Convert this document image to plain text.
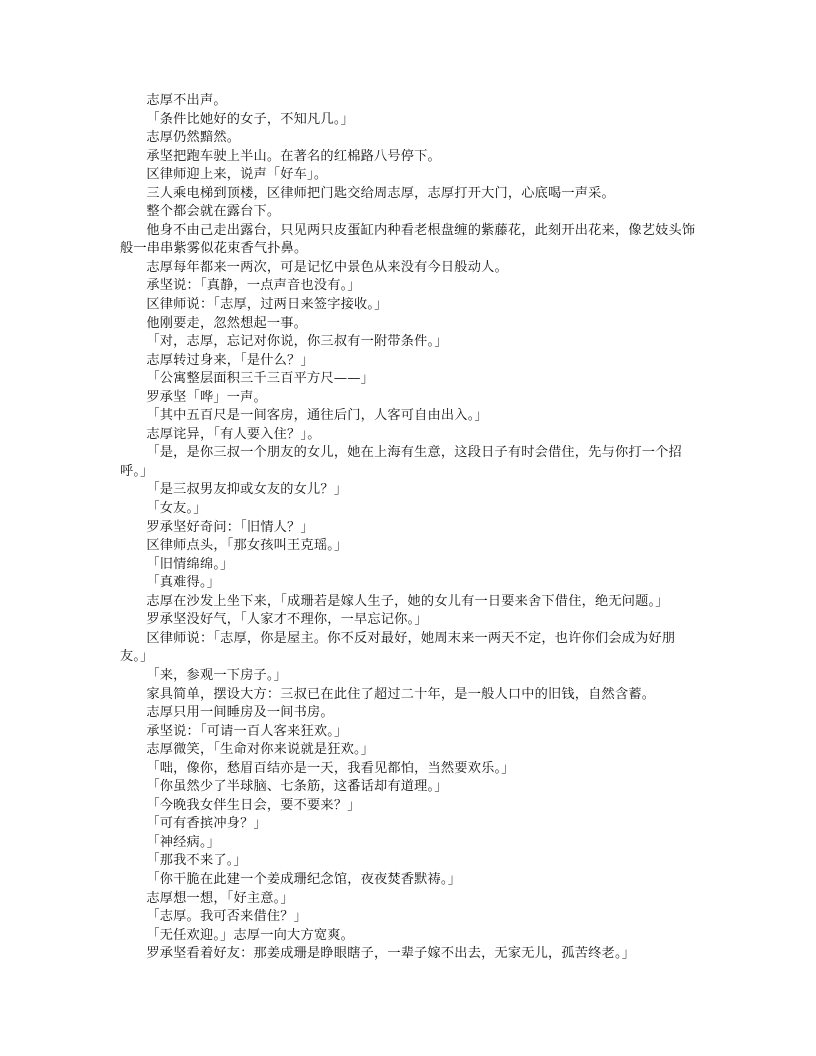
志厚不出声。

「条件比她好的女子，不知凡几。」

志厚仍然黯然。

承坚把跑车驶上半山。在著名的红棉路八号停下。

区律师迎上来，说声「好车」。

三人乘电梯到顶楼，区律师把门匙交给周志厚，志厚打开大门，心底喝一声采。

整个都会就在露台下。

他身不由己走出露台，只见两只皮蛋缸内种看老根盘缠的紫藤花，此刻开出花来，像艺妓头饰般一串串紫雾似花束香气扑鼻。

志厚每年都来一两次，可是记忆中景色从来没有今日般动人。

承坚说：「真静，一点声音也没有。」

区律师说：「志厚，过两日来签字接收。」

他刚要走，忽然想起一事。

「对，志厚，忘记对你说，你三叔有一附带条件。」

志厚转过身来，「是什么？」

「公寓整层面积三千三百平方尺——」

罗承坚「哗」一声。

「其中五百尺是一间客房，通往后门，人客可自由出入。」

志厚诧异，「有人要入住？」。

「是，是你三叔一个朋友的女儿，她在上海有生意，这段日子有时会借住，先与你打一个招呼。」

「是三叔男友抑或女友的女儿？」

「女友。」

罗承坚好奇问：「旧情人？」

区律师点头，「那女孩叫王克瑶。」

「旧情绵绵。」

「真难得。」

志厚在沙发上坐下来，「成珊若是嫁人生子，她的女儿有一日要来舍下借住，绝无问题。」

罗承坚没好气，「人家才不理你，一早忘记你。」

区律师说：「志厚，你是屋主。你不反对最好，她周末来一两天不定，也许你们会成为好朋友。」

「来，参观一下房子。」

家具简单，摆设大方：三叔已在此住了超过二十年，是一般人口中的旧钱，自然含蓄。

志厚只用一间睡房及一间书房。

承坚说：「可请一百人客来狂欢。」

志厚微笑，「生命对你来说就是狂欢。」

「咄，像你，愁眉百结亦是一天，我看见都怕，当然要欢乐。」

「你虽然少了半球脑、七条筋，这番话却有道理。」

「今晚我女伴生日会，要不要来？」

「可有香摈冲身？」

「神经病。」

「那我不来了。」

「你干脆在此建一个姜成珊纪念馆，夜夜焚香默祷。」

志厚想一想，「好主意。」

「志厚。我可否来借住？」

「无任欢迎。」志厚一向大方宽爽。

罗承坚看着好友：那姜成珊是睁眼瞎子，一辈子嫁不出去，无家无儿，孤苦终老。」
